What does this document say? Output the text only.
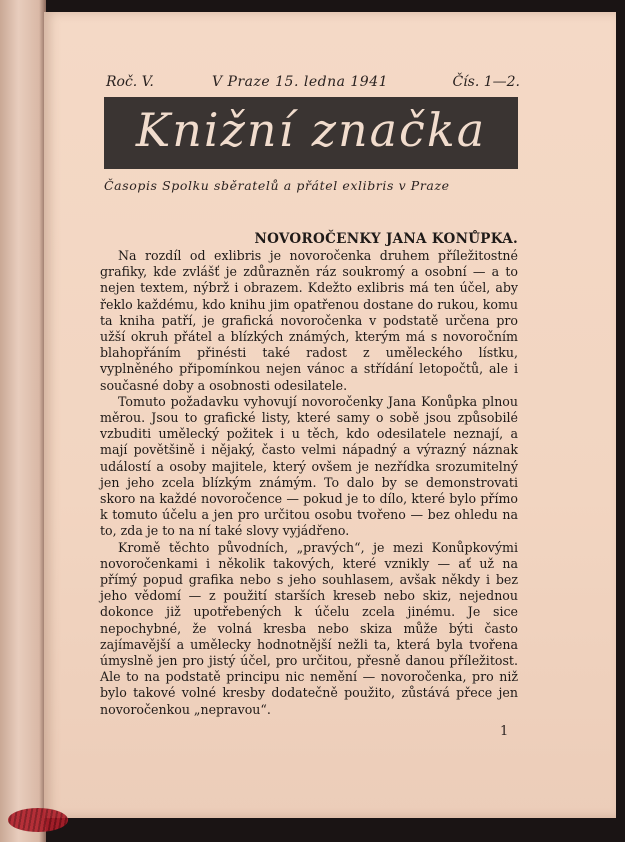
Roč. V.	V Praze 15. ledna 1941	Čís. 1—2.
Knižní značka
Časopis Spolku sběratelů a přátel exlibris v Praze
NOVOROČENKY JANA KONŮPKA.

Na rozdíl od exlibris je novoročenka druhem příležitostné grafiky, kde zvlášť je zdůrazněn ráz soukromý a osobní — a to nejen textem, nýbrž i obrazem. Kdežto exlibris má ten účel, aby řeklo každému, kdo knihu jim opatřenou dostane do rukou, komu ta kniha patří, je grafická novoročenka v podstatě určena pro užší okruh přátel a blízkých známých, kterým má s novoročním blahopřáním přinésti také radost z uměleckého lístku, vyplněného připomínkou nejen vánoc a střídání letopočtů, ale i současné doby a osobnosti odesilatele.

Tomuto požadavku vyhovují novoročenky Jana Konůpka plnou měrou. Jsou to grafické listy, které samy o sobě jsou způsobilé vzbuditi umělecký požitek i u těch, kdo odesilatele neznají, a mají povětšině i nějaký, často velmi nápadný a výrazný náznak událostí a osoby majitele, který ovšem je nezřídka srozumitelný jen jeho zcela blízkým známým. To dalo by se demonstrovati skoro na každé novoročence — pokud je to dílo, které bylo přímo k tomuto účelu a jen pro určitou osobu tvořeno — bez ohledu na to, zda je to na ní také slovy vyjádřeno.

Kromě těchto původních, „pravých“, je mezi Konůpkovými novoročenkami i několik takových, které vznikly — ať už na přímý popud grafika nebo s jeho souhlasem, avšak někdy i bez jeho vědomí — z použití starších kreseb nebo skiz, nejednou dokonce již upotřebených k účelu zcela jinému. Je sice nepochybné, že volná kresba nebo skiza může býti často zajímavější a umělecky hodnotnější nežli ta, která byla tvořena úmyslně jen pro jistý účel, pro určitou, přesně danou příležitost. Ale to na podstatě principu nic nemění — novoročenka, pro niž bylo takové volné kresby dodatečně použito, zůstává přece jen novoročenkou „nepravou“.

1
